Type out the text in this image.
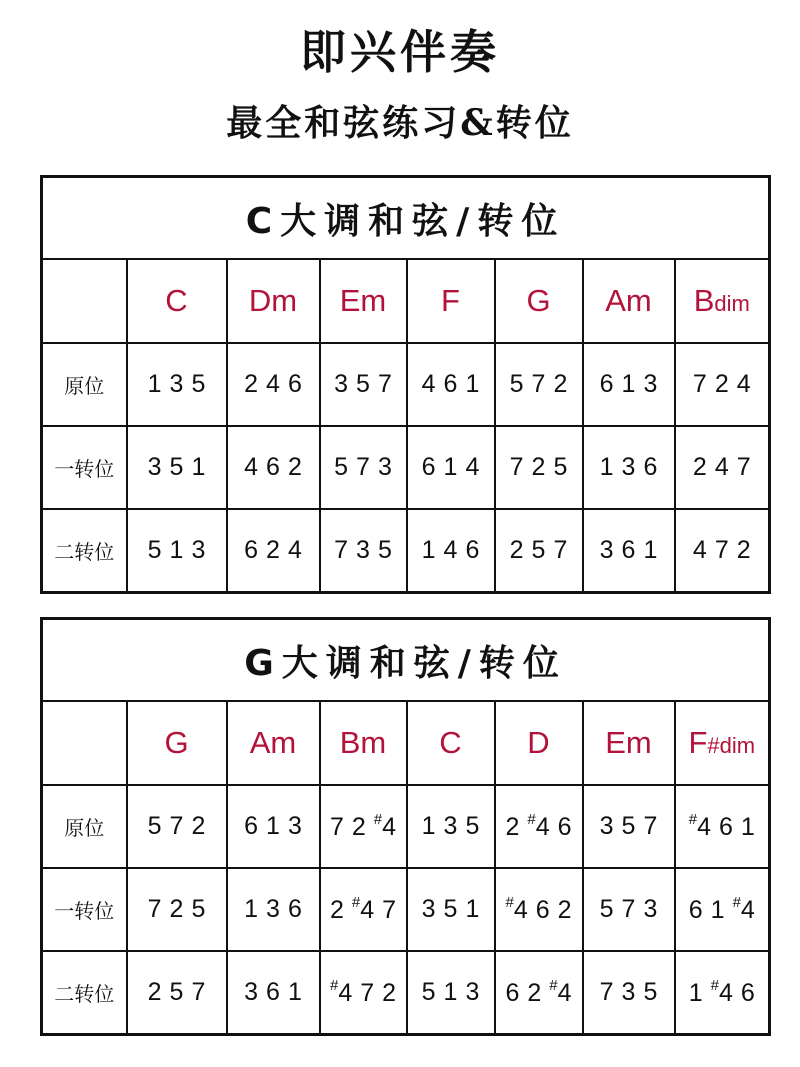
即兴伴奏
最全和弦练习&转位
C大调和弦/转位							
	C	Dm	Em	F	G	Am	Bdim
原位	1 3 5	2 4 6	3 5 7	4 6 1	5 7 2	6 1 3	7 2 4
一转位	3 5 1	4 6 2	5 7 3	6 1 4	7 2 5	1 3 6	2 4 7
二转位	5 1 3	6 2 4	7 3 5	1 4 6	2 5 7	3 6 1	4 7 2
G大调和弦/转位							
	G	Am	Bm	C	D	Em	F#dim
原位	5 7 2	6 1 3	7 2 #4	1 3 5	2 #4 6	3 5 7	#4 6 1
一转位	7 2 5	1 3 6	2 #4 7	3 5 1	#4 6 2	5 7 3	6 1 #4
二转位	2 5 7	3 6 1	#4 7 2	5 1 3	6 2 #4	7 3 5	1 #4 6
